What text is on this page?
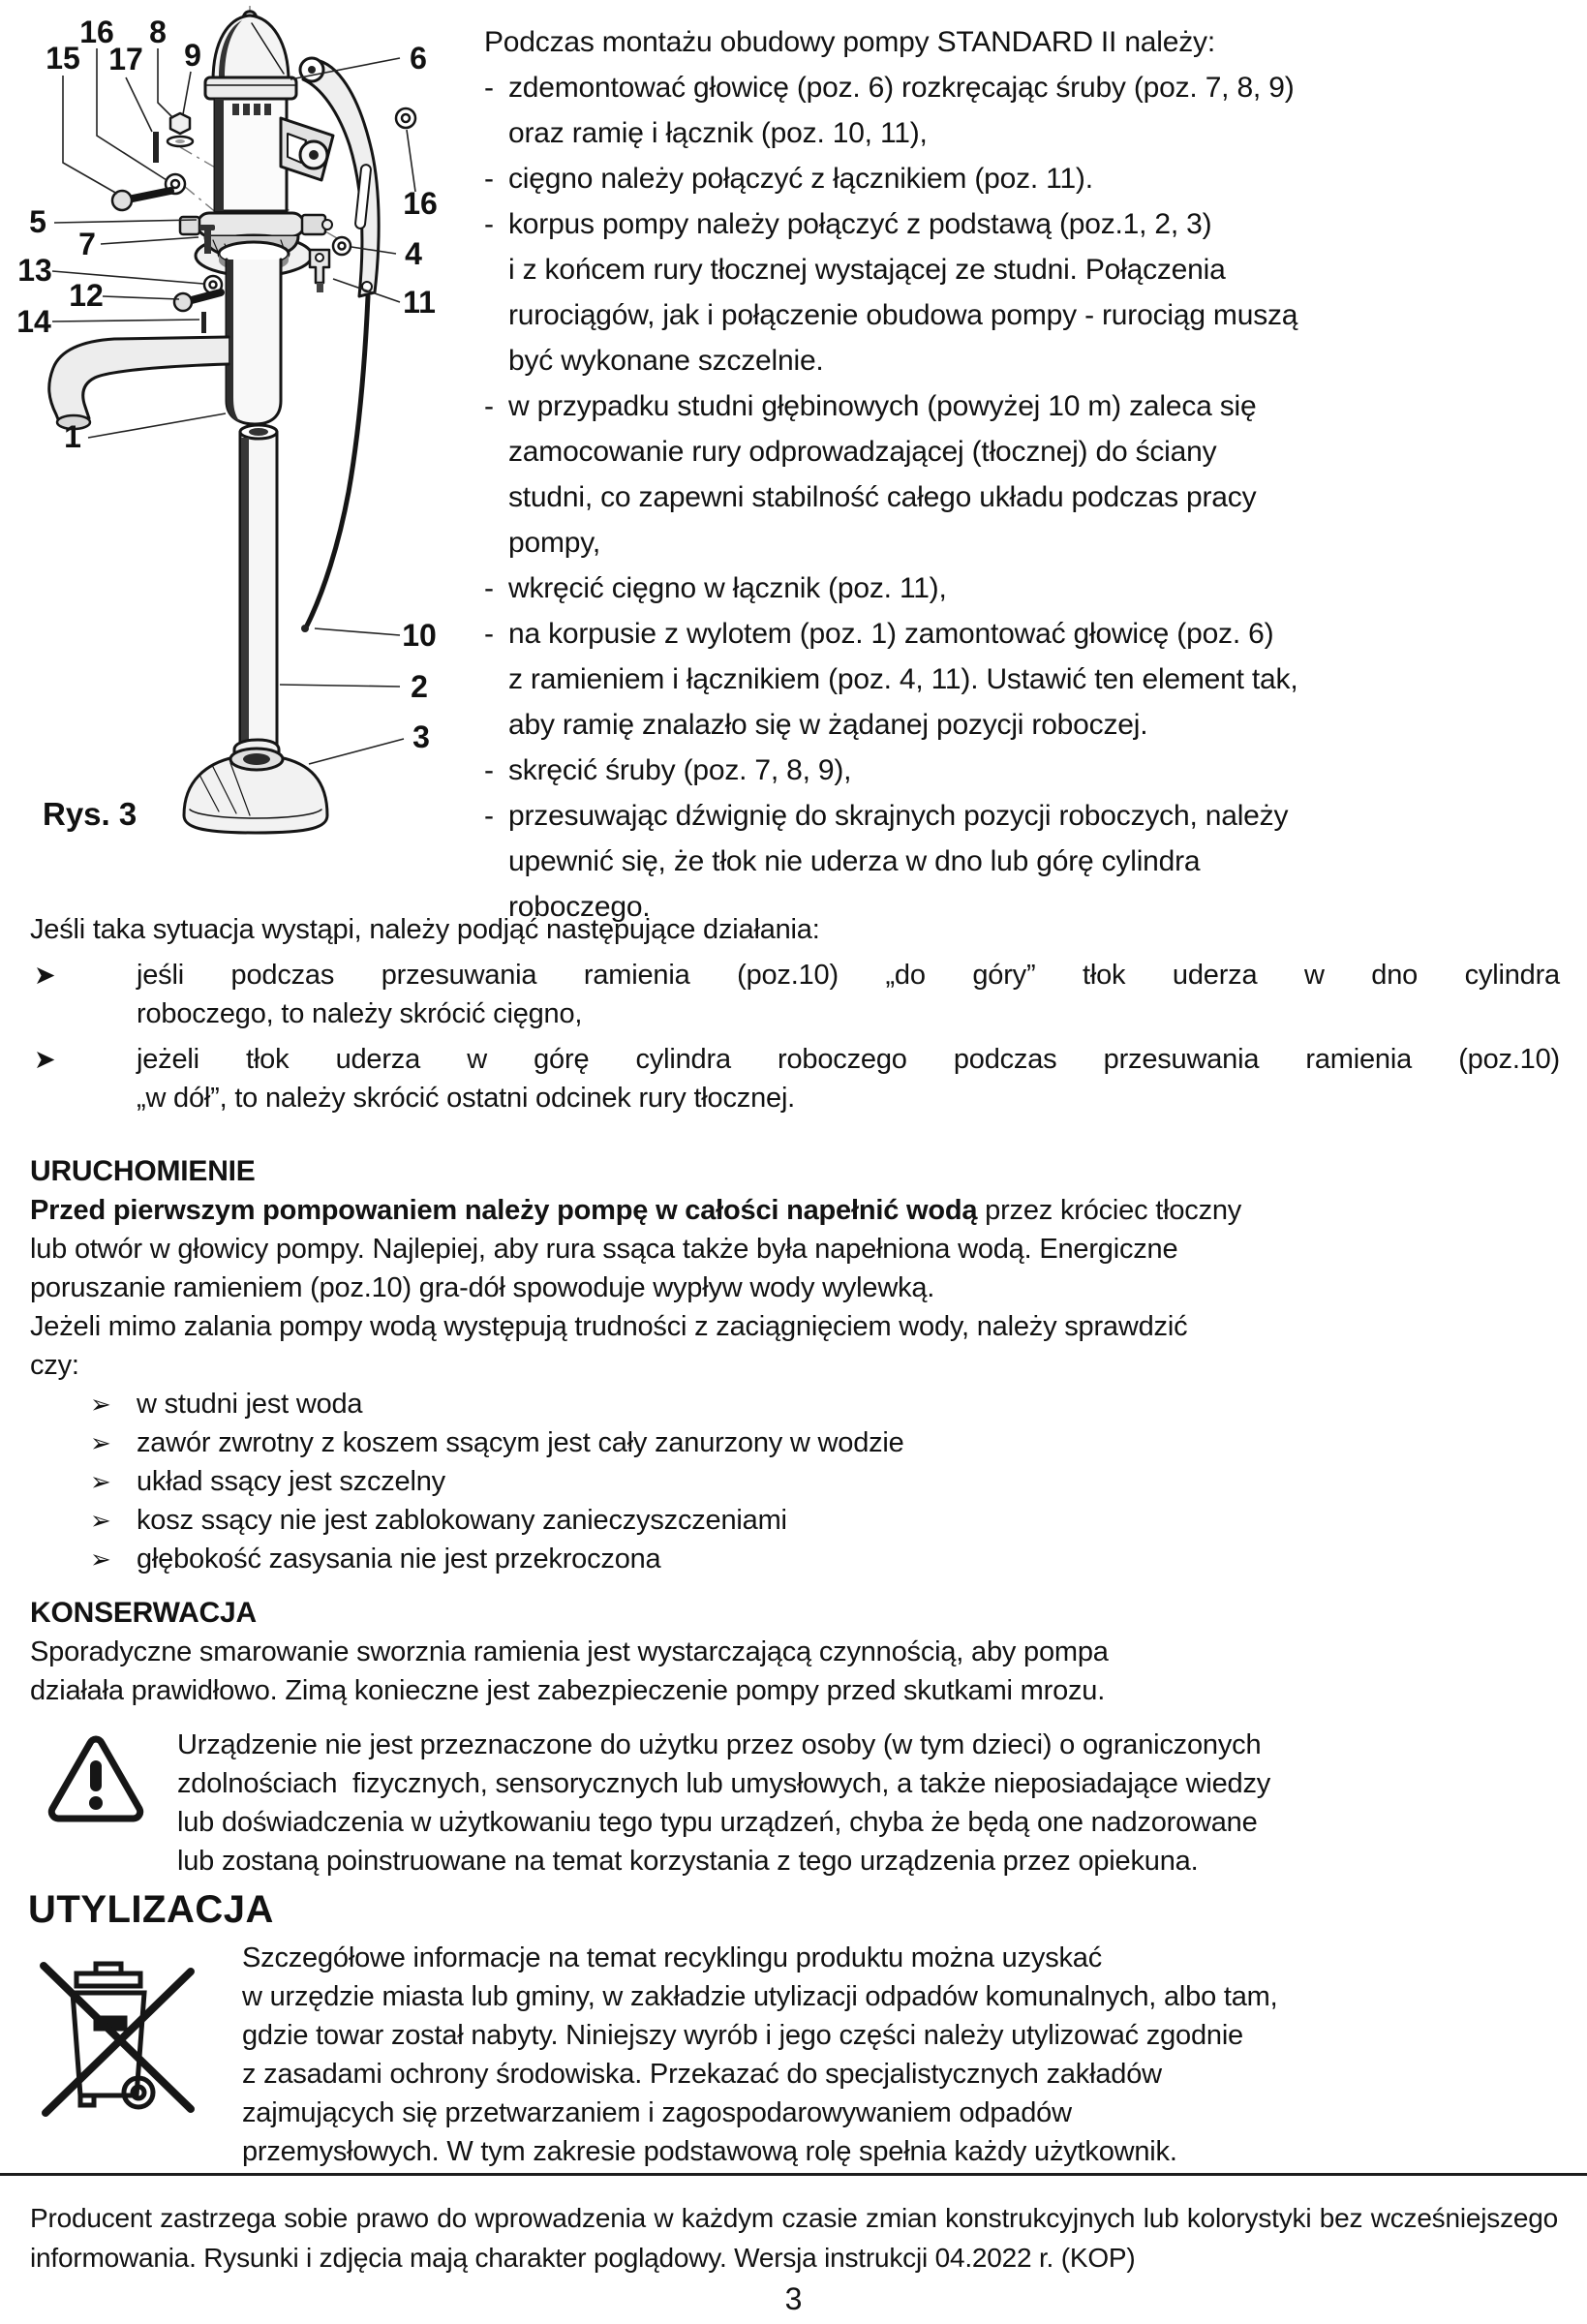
16 8
15 17 9	6
16
4
11
5
7
13
12
14
1
10
2
3
Rys. 3
Podczas montażu obudowy pompy STANDARD II należy:
- zdemontować głowicę (poz. 6) rozkręcając śruby (poz. 7, 8, 9)
oraz ramię i łącznik (poz. 10, 11),
- cięgno należy połączyć z łącznikiem (poz. 11).
- korpus pompy należy połączyć z podstawą (poz.1, 2, 3)
i z końcem rury tłocznej wystającej ze studni. Połączenia
rurociągów, jak i połączenie obudowa pompy - rurociąg muszą
być wykonane szczelnie.
- w przypadku studni głębinowych (powyżej 10 m) zaleca się
zamocowanie rury odprowadzającej (tłocznej) do ściany
studni, co zapewni stabilność całego układu podczas pracy
pompy,
- wkręcić cięgno w łącznik (poz. 11),
- na korpusie z wylotem (poz. 1) zamontować głowicę (poz. 6)
z ramieniem i łącznikiem (poz. 4, 11). Ustawić ten element tak,
aby ramię znalazło się w żądanej pozycji roboczej.
- skręcić śruby (poz. 7, 8, 9),
- przesuwając dźwignię do skrajnych pozycji roboczych, należy
upewnić się, że tłok nie uderza w dno lub górę cylindra
roboczego.
Jeśli taka sytuacja wystąpi, należy podjąć następujące działania:
➤	jeśli podczas przesuwania ramienia (poz.10) „do góry” tłok uderza w dno cylindra
roboczego, to należy skrócić cięgno,
➤	jeżeli tłok uderza w górę cylindra roboczego podczas przesuwania ramienia (poz.10)
„w dół”, to należy skrócić ostatni odcinek rury tłocznej.
URUCHOMIENIE
Przed pierwszym pompowaniem należy pompę w całości napełnić wodą przez króciec tłoczny
lub otwór w głowicy pompy. Najlepiej, aby rura ssąca także była napełniona wodą. Energiczne
poruszanie ramieniem (poz.10) gra-dół spowoduje wypływ wody wylewką.
Jeżeli mimo zalania pompy wodą występują trudności z zaciągnięciem wody, należy sprawdzić
czy:
➢ w studni jest woda
➢ zawór zwrotny z koszem ssącym jest cały zanurzony w wodzie
➢ układ ssący jest szczelny
➢ kosz ssący nie jest zablokowany zanieczyszczeniami
➢ głębokość zasysania nie jest przekroczona
KONSERWACJA
Sporadyczne smarowanie sworznia ramienia jest wystarczającą czynnością, aby pompa
działała prawidłowo. Zimą konieczne jest zabezpieczenie pompy przed skutkami mrozu.
Urządzenie nie jest przeznaczone do użytku przez osoby (w tym dzieci) o ograniczonych
zdolnościach  fizycznych, sensorycznych lub umysłowych, a także nieposiadające wiedzy
lub doświadczenia w użytkowaniu tego typu urządzeń, chyba że będą one nadzorowane
lub zostaną poinstruowane na temat korzystania z tego urządzenia przez opiekuna.
UTYLIZACJA
Szczegółowe informacje na temat recyklingu produktu można uzyskać
w urzędzie miasta lub gminy, w zakładzie utylizacji odpadów komunalnych, albo tam,
gdzie towar został nabyty. Niniejszy wyrób i jego części należy utylizować zgodnie
z zasadami ochrony środowiska. Przekazać do specjalistycznych zakładów
zajmujących się przetwarzaniem i zagospodarowywaniem odpadów
przemysłowych. W tym zakresie podstawową rolę spełnia każdy użytkownik.
Producent zastrzega sobie prawo do wprowadzenia w każdym czasie zmian konstrukcyjnych lub kolorystyki bez wcześniejszego
informowania. Rysunki i zdjęcia mają charakter poglądowy. Wersja instrukcji 04.2022 r. (KOP)
3
